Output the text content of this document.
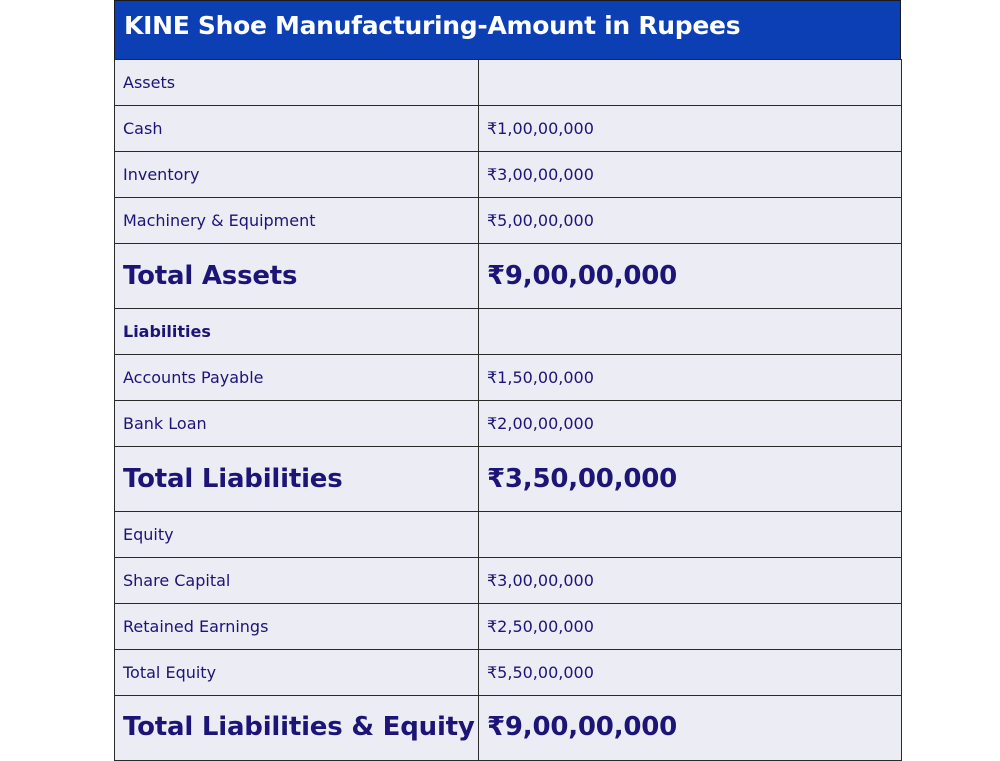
KINE Shoe Manufacturing-Amount in Rupees
Assets	
Cash	₹1,00,00,000
Inventory	₹3,00,00,000
Machinery & Equipment	₹5,00,00,000
Total Assets	₹9,00,00,000
Liabilities	
Accounts Payable	₹1,50,00,000
Bank Loan	₹2,00,00,000
Total Liabilities	₹3,50,00,000
Equity	
Share Capital	₹3,00,00,000
Retained Earnings	₹2,50,00,000
Total Equity	₹5,50,00,000
Total Liabilities & Equity	₹9,00,00,000
